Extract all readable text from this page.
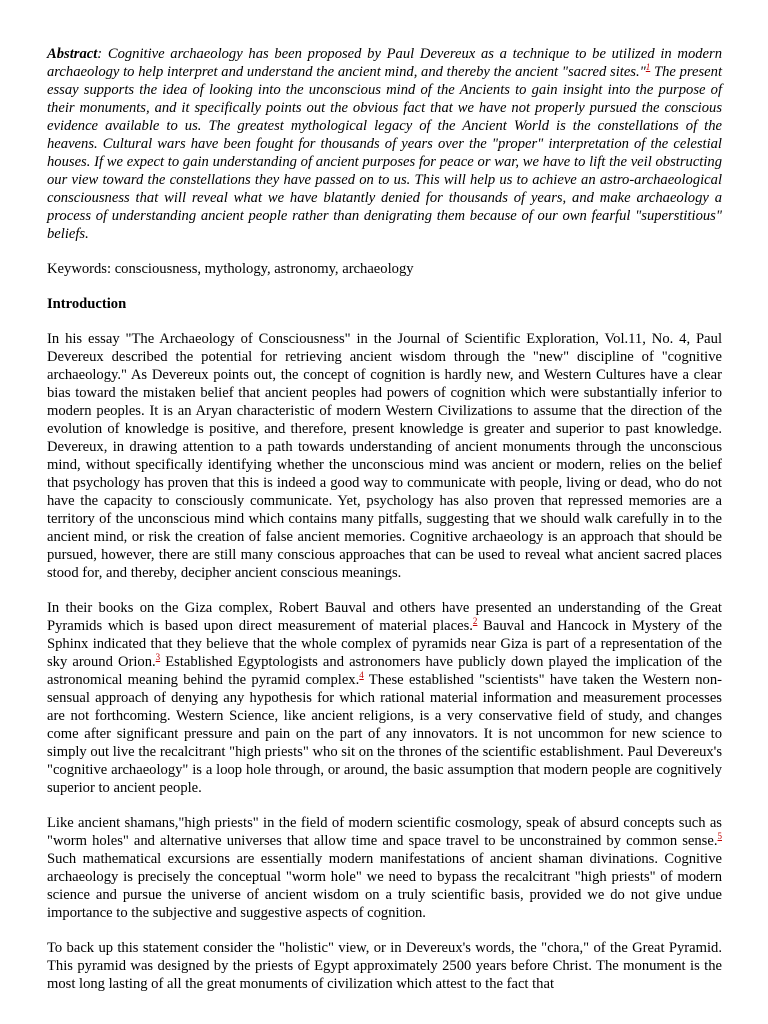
Abstract: Cognitive archaeology has been proposed by Paul Devereux as a technique to be utilized in modern archaeology to help interpret and understand the ancient mind, and thereby the ancient "sacred sites."$^1$ The present essay supports the idea of looking into the unconscious mind of the Ancients to gain insight into the purpose of their monuments, and it specifically points out the obvious fact that we have not properly pursued the conscious evidence available to us. The greatest mythological legacy of the Ancient World is the constellations of the heavens. Cultural wars have been fought for thousands of years over the "proper" interpretation of the celestial houses. If we expect to gain understanding of ancient purposes for peace or war, we have to lift the veil obstructing our view toward the constellations they have passed on to us. This will help us to achieve an astro-archaeological consciousness that will reveal what we have blatantly denied for thousands of years, and make archaeology a process of understanding ancient people rather than denigrating them because of our own fearful "superstitious" beliefs.

Keywords: consciousness, mythology, astronomy, archaeology

Introduction

In his essay "The Archaeology of Consciousness" in the Journal of Scientific Exploration, Vol.11, No. 4, Paul Devereux described the potential for retrieving ancient wisdom through the "new" discipline of "cognitive archaeology." As Devereux points out, the concept of cognition is hardly new, and Western Cultures have a clear bias toward the mistaken belief that ancient peoples had powers of cognition which were substantially inferior to modern peoples. It is an Aryan characteristic of modern Western Civilizations to assume that the direction of the evolution of knowledge is positive, and therefore, present knowledge is greater and superior to past knowledge. Devereux, in drawing attention to a path towards understanding of ancient monuments through the unconscious mind, without specifically identifying whether the unconscious mind was ancient or modern, relies on the belief that psychology has proven that this is indeed a good way to communicate with people, living or dead, who do not have the capacity to consciously communicate. Yet, psychology has also proven that repressed memories are a territory of the unconscious mind which contains many pitfalls, suggesting that we should walk carefully in to the ancient mind, or risk the creation of false ancient memories. Cognitive archaeology is an approach that should be pursued, however, there are still many conscious approaches that can be used to reveal what ancient sacred places stood for, and thereby, decipher ancient conscious meanings.

In their books on the Giza complex, Robert Bauval and others have presented an understanding of the Great Pyramids which is based upon direct measurement of material places.$^2$ Bauval and Hancock in Mystery of the Sphinx indicated that they believe that the whole complex of pyramids near Giza is part of a representation of the sky around Orion.$^3$ Established Egyptologists and astronomers have publicly down played the implication of the astronomical meaning behind the pyramid complex.$^4$ These established "scientists" have taken the Western non-sensual approach of denying any hypothesis for which rational material information and measurement processes are not forthcoming. Western Science, like ancient religions, is a very conservative field of study, and changes come after significant pressure and pain on the part of any innovators. It is not uncommon for new science to simply out live the recalcitrant "high priests" who sit on the thrones of the scientific establishment. Paul Devereux's "cognitive archaeology" is a loop hole through, or around, the basic assumption that modern people are cognitively superior to ancient people.

Like ancient shamans,"high priests" in the field of modern scientific cosmology, speak of absurd concepts such as "worm holes" and alternative universes that allow time and space travel to be unconstrained by common sense.$^5$ Such mathematical excursions are essentially modern manifestations of ancient shaman divinations. Cognitive archaeology is precisely the conceptual "worm hole" we need to bypass the recalcitrant "high priests" of modern science and pursue the universe of ancient wisdom on a truly scientific basis, provided we do not give undue importance to the subjective and suggestive aspects of cognition.

To back up this statement consider the "holistic" view, or in Devereux's words, the "chora," of the Great Pyramid. This pyramid was designed by the priests of Egypt approximately 2500 years before Christ. The monument is the most long lasting of all the great monuments of civilization which attest to the fact that
